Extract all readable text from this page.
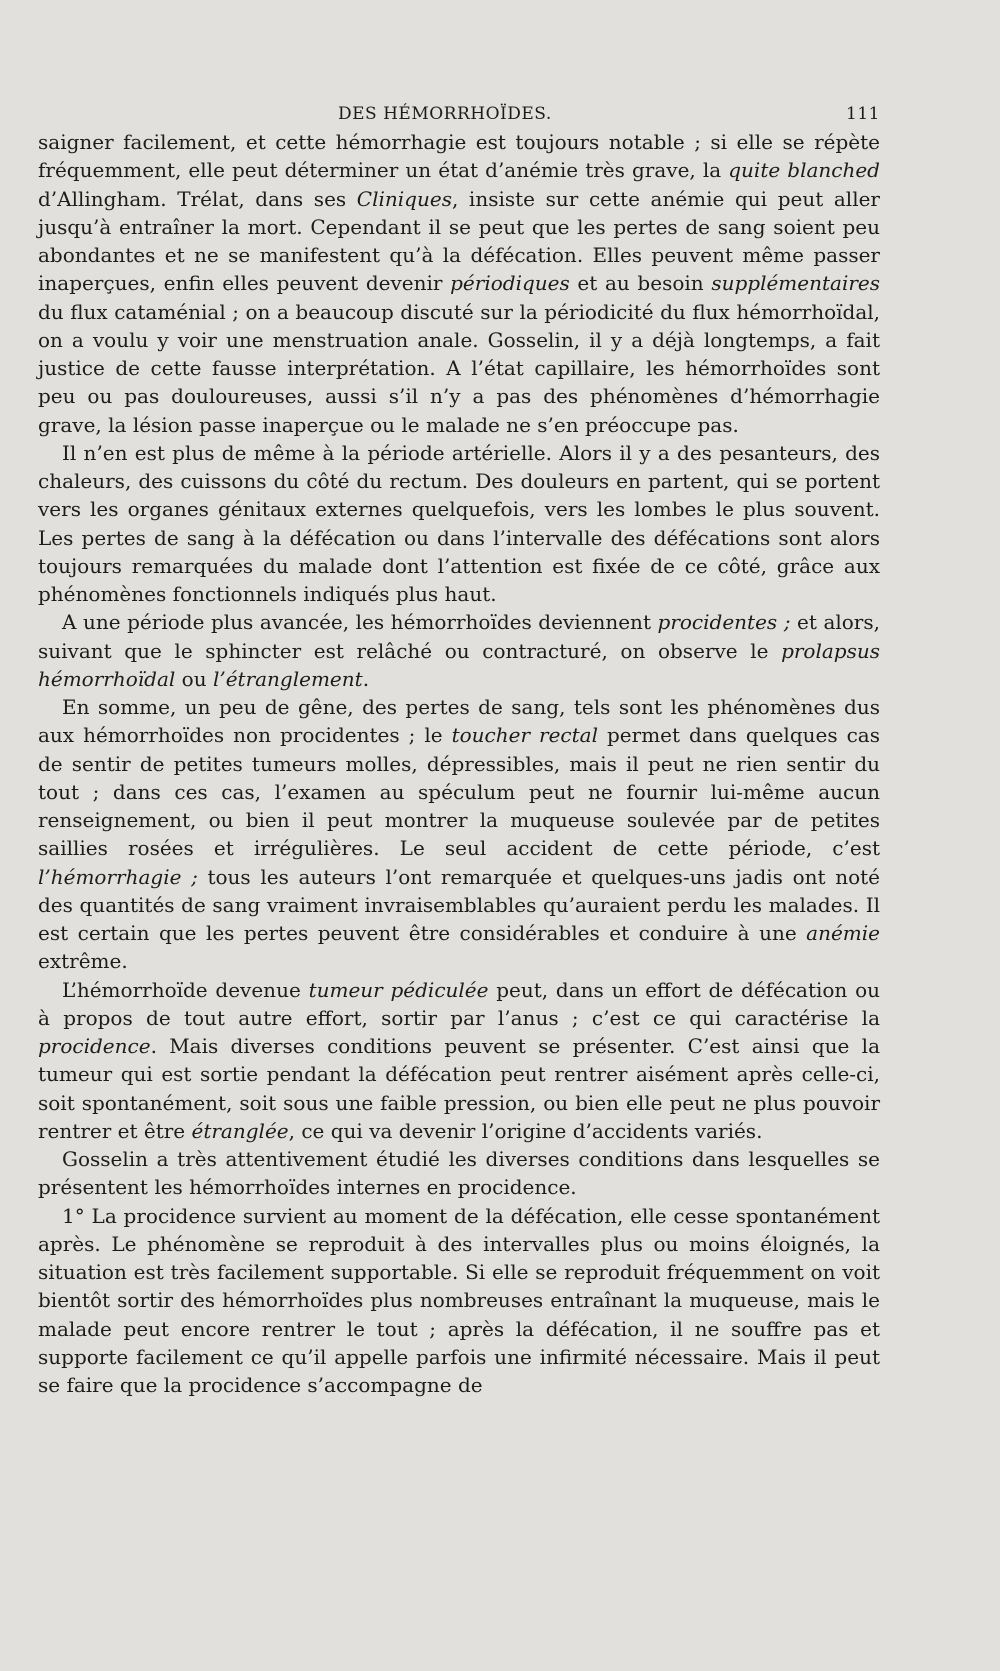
DES HÉMORRHOÏDES.	111

saigner facilement, et cette hémorrhagie est toujours notable ; si elle se répète fréquemment, elle peut déterminer un état d’anémie très grave, la quite blanched d’Allingham. Trélat, dans ses Cliniques, insiste sur cette anémie qui peut aller jusqu’à entraîner la mort. Cependant il se peut que les pertes de sang soient peu abondantes et ne se manifestent qu’à la défécation. Elles peuvent même passer inaperçues, enfin elles peuvent devenir périodiques et au besoin supplémentaires du flux cataménial ; on a beaucoup discuté sur la périodicité du flux hémorrhoïdal, on a voulu y voir une menstruation anale. Gosselin, il y a déjà longtemps, a fait justice de cette fausse interprétation. A l’état capillaire, les hémorrhoïdes sont peu ou pas douloureuses, aussi s’il n’y a pas des phénomènes d’hémorrhagie grave, la lésion passe inaperçue ou le malade ne s’en préoccupe pas.

Il n’en est plus de même à la période artérielle. Alors il y a des pesanteurs, des chaleurs, des cuissons du côté du rectum. Des douleurs en partent, qui se portent vers les organes génitaux externes quelquefois, vers les lombes le plus souvent. Les pertes de sang à la défécation ou dans l’intervalle des défécations sont alors toujours remarquées du malade dont l’attention est fixée de ce côté, grâce aux phénomènes fonctionnels indiqués plus haut.

A une période plus avancée, les hémorrhoïdes deviennent procidentes ; et alors, suivant que le sphincter est relâché ou contracturé, on observe le prolapsus hémorrhoïdal ou l’étranglement.

En somme, un peu de gêne, des pertes de sang, tels sont les phénomènes dus aux hémorrhoïdes non procidentes ; le toucher rectal permet dans quelques cas de sentir de petites tumeurs molles, dépressibles, mais il peut ne rien sentir du tout ; dans ces cas, l’examen au spéculum peut ne fournir lui-même aucun renseignement, ou bien il peut montrer la muqueuse soulevée par de petites saillies rosées et irrégulières. Le seul accident de cette période, c’est l’hémorrhagie ; tous les auteurs l’ont remarquée et quelques-uns jadis ont noté des quantités de sang vraiment invraisemblables qu’auraient perdu les malades. Il est certain que les pertes peuvent être considérables et conduire à une anémie extrême.

L’hémorrhoïde devenue tumeur pédiculée peut, dans un effort de défécation ou à propos de tout autre effort, sortir par l’anus ; c’est ce qui caractérise la procidence. Mais diverses conditions peuvent se présenter. C’est ainsi que la tumeur qui est sortie pendant la défécation peut rentrer aisément après celle-ci, soit spontanément, soit sous une faible pression, ou bien elle peut ne plus pouvoir rentrer et être étranglée, ce qui va devenir l’origine d’accidents variés.

Gosselin a très attentivement étudié les diverses conditions dans lesquelles se présentent les hémorrhoïdes internes en procidence.

1° La procidence survient au moment de la défécation, elle cesse spontanément après. Le phénomène se reproduit à des intervalles plus ou moins éloignés, la situation est très facilement supportable. Si elle se reproduit fréquemment on voit bientôt sortir des hémorrhoïdes plus nombreuses entraînant la muqueuse, mais le malade peut encore rentrer le tout ; après la défécation, il ne souffre pas et supporte facilement ce qu’il appelle parfois une infirmité nécessaire. Mais il peut se faire que la procidence s’accompagne de
